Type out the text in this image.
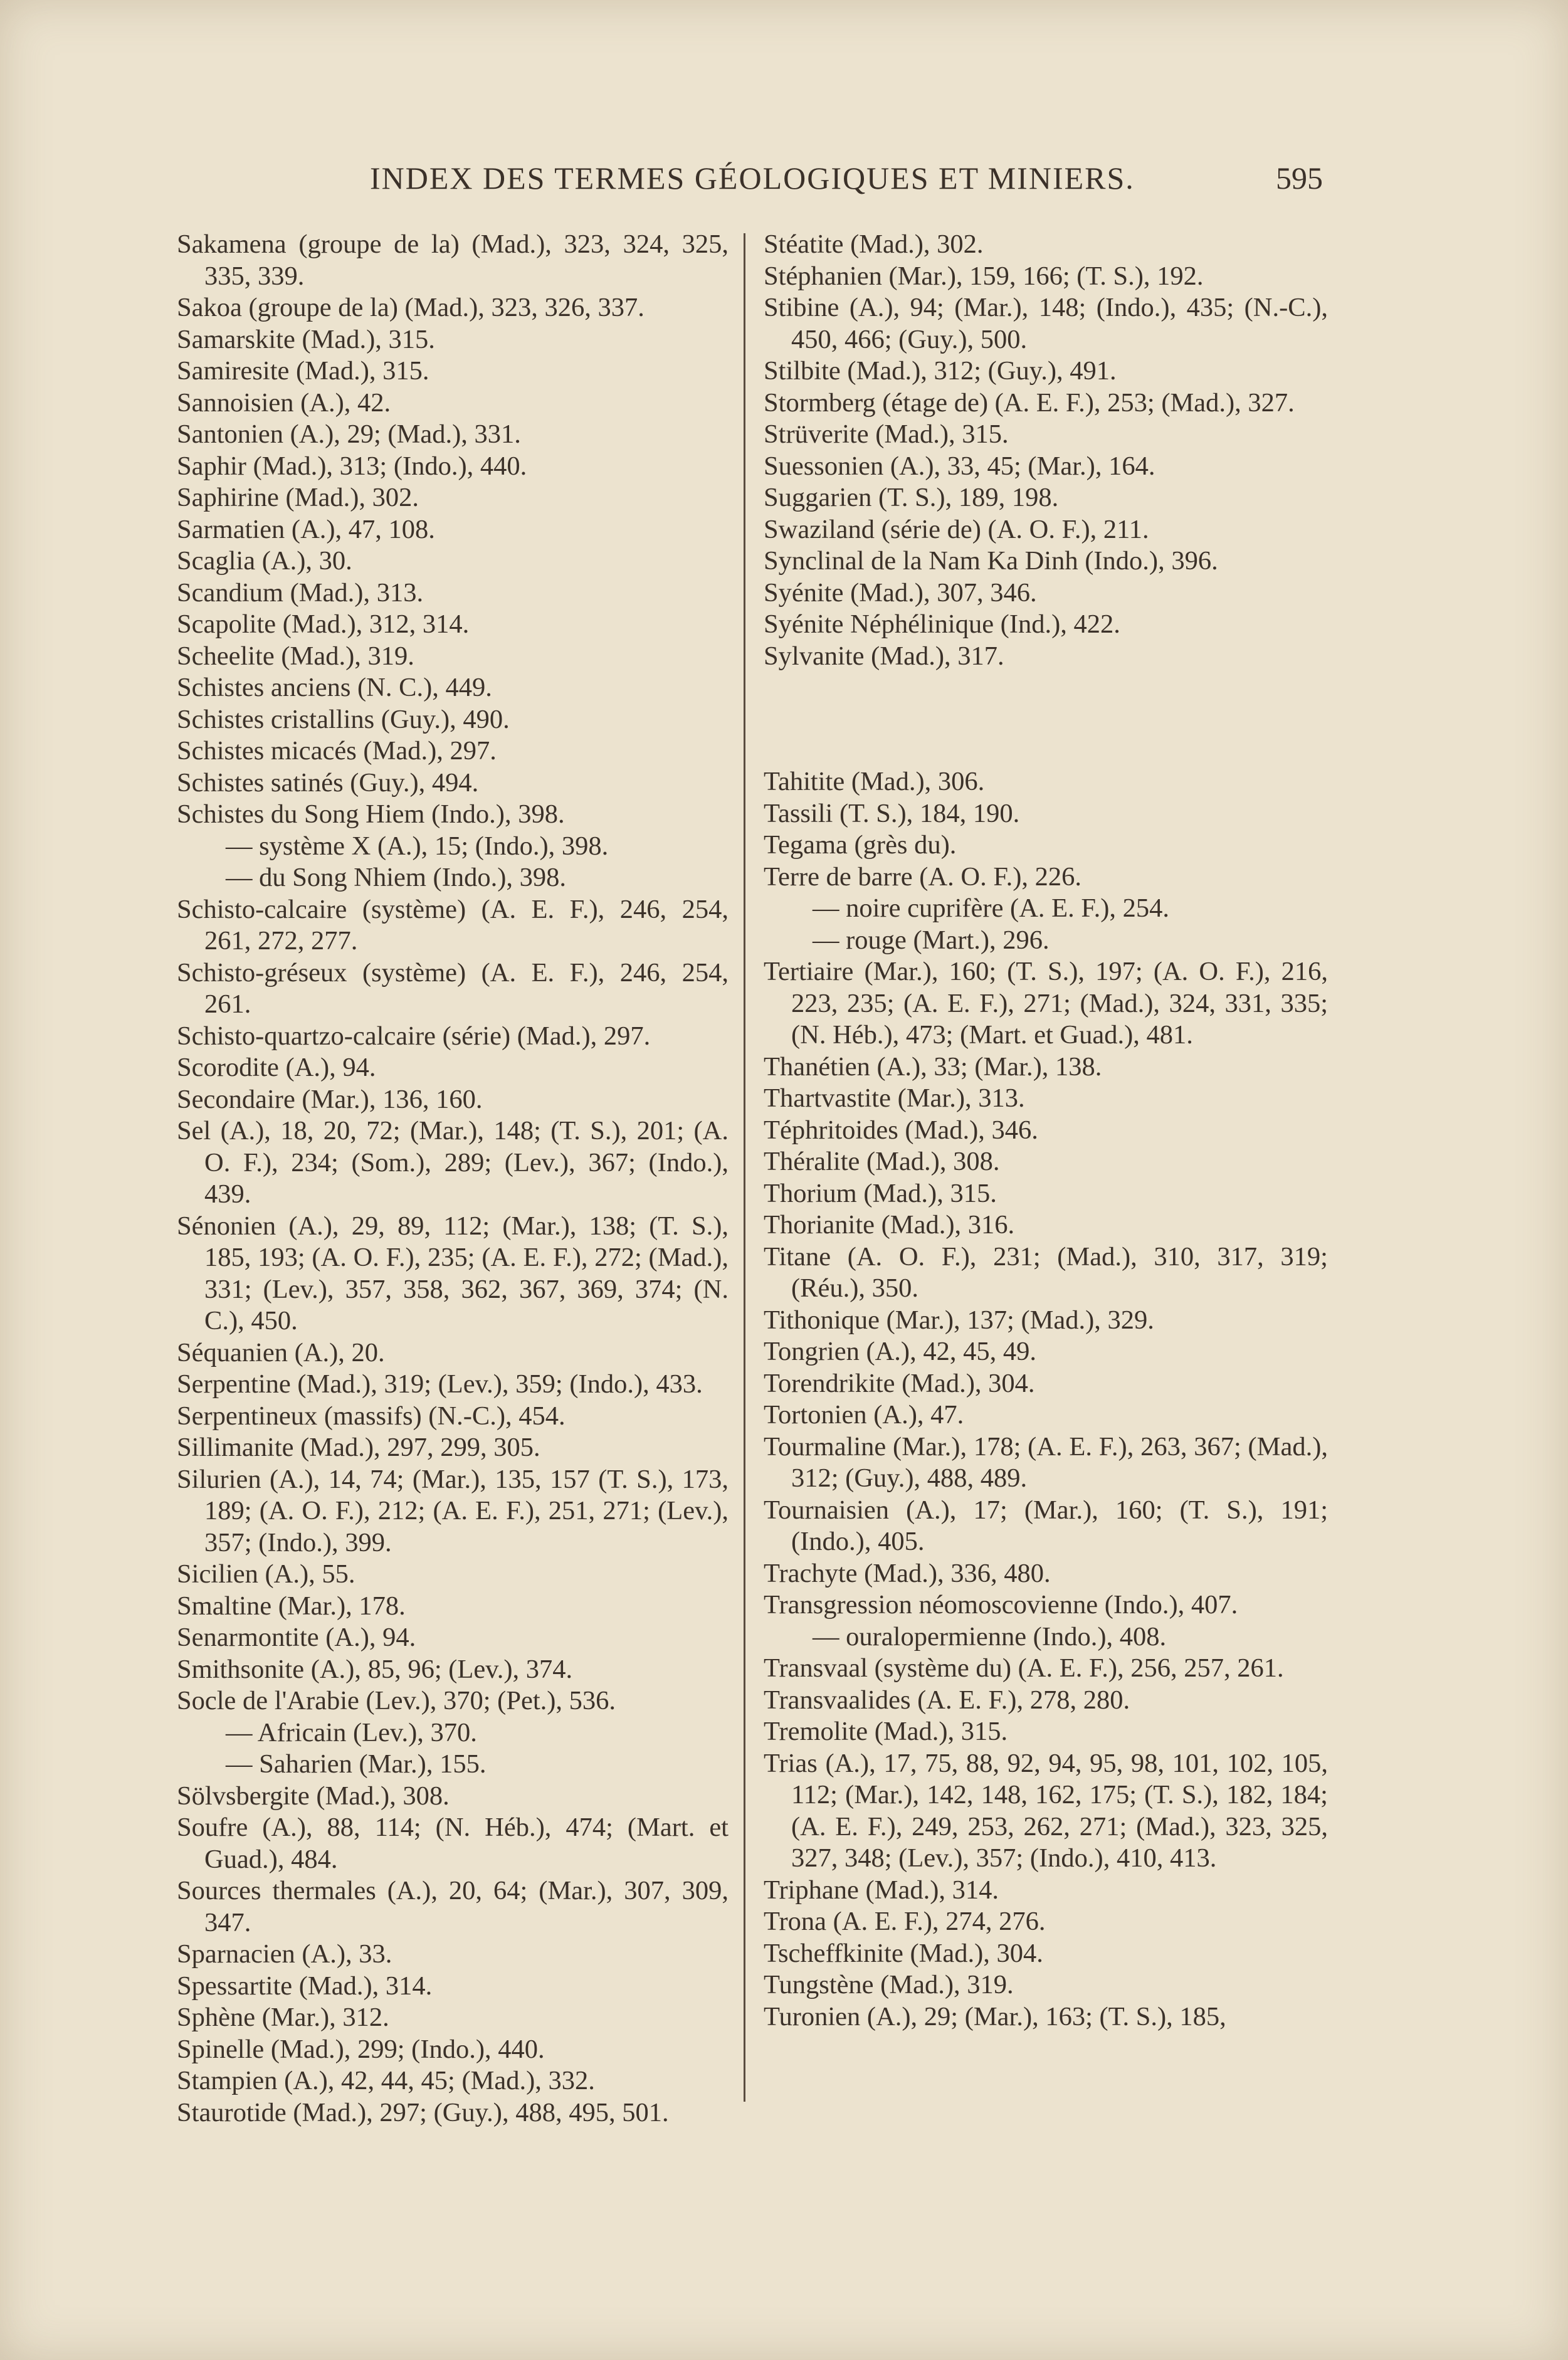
INDEX DES TERMES GÉOLOGIQUES ET MINIERS.	595
Sakamena (groupe de la) (Mad.), 323, 324, 325, 335, 339.
Sakoa (groupe de la) (Mad.), 323, 326, 337.
Samarskite (Mad.), 315.
Samiresite (Mad.), 315.
Sannoisien (A.), 42.
Santonien (A.), 29; (Mad.), 331.
Saphir (Mad.), 313; (Indo.), 440.
Saphirine (Mad.), 302.
Sarmatien (A.), 47, 108.
Scaglia (A.), 30.
Scandium (Mad.), 313.
Scapolite (Mad.), 312, 314.
Scheelite (Mad.), 319.
Schistes anciens (N. C.), 449.
Schistes cristallins (Guy.), 490.
Schistes micacés (Mad.), 297.
Schistes satinés (Guy.), 494.
Schistes du Song Hiem (Indo.), 398.
— système X (A.), 15; (Indo.), 398.
— du Song Nhiem (Indo.), 398.
Schisto-calcaire (système) (A. E. F.), 246, 254, 261, 272, 277.
Schisto-gréseux (système) (A. E. F.), 246, 254, 261.
Schisto-quartzo-calcaire (série) (Mad.), 297.
Scorodite (A.), 94.
Secondaire (Mar.), 136, 160.
Sel (A.), 18, 20, 72; (Mar.), 148; (T. S.), 201; (A. O. F.), 234; (Som.), 289; (Lev.), 367; (Indo.), 439.
Sénonien (A.), 29, 89, 112; (Mar.), 138; (T. S.), 185, 193; (A. O. F.), 235; (A. E. F.), 272; (Mad.), 331; (Lev.), 357, 358, 362, 367, 369, 374; (N. C.), 450.
Séquanien (A.), 20.
Serpentine (Mad.), 319; (Lev.), 359; (Indo.), 433.
Serpentineux (massifs) (N.-C.), 454.
Sillimanite (Mad.), 297, 299, 305.
Silurien (A.), 14, 74; (Mar.), 135, 157 (T. S.), 173, 189; (A. O. F.), 212; (A. E. F.), 251, 271; (Lev.), 357; (Indo.), 399.
Sicilien (A.), 55.
Smaltine (Mar.), 178.
Senarmontite (A.), 94.
Smithsonite (A.), 85, 96; (Lev.), 374.
Socle de l'Arabie (Lev.), 370; (Pet.), 536.
— Africain (Lev.), 370.
— Saharien (Mar.), 155.
Sölvsbergite (Mad.), 308.
Soufre (A.), 88, 114; (N. Héb.), 474; (Mart. et Guad.), 484.
Sources thermales (A.), 20, 64; (Mar.), 307, 309, 347.
Sparnacien (A.), 33.
Spessartite (Mad.), 314.
Sphène (Mar.), 312.
Spinelle (Mad.), 299; (Indo.), 440.
Stampien (A.), 42, 44, 45; (Mad.), 332.
Staurotide (Mad.), 297; (Guy.), 488, 495, 501.
Stéatite (Mad.), 302.
Stéphanien (Mar.), 159, 166; (T. S.), 192.
Stibine (A.), 94; (Mar.), 148; (Indo.), 435; (N.-C.), 450, 466; (Guy.), 500.
Stilbite (Mad.), 312; (Guy.), 491.
Stormberg (étage de) (A. E. F.), 253; (Mad.), 327.
Strüverite (Mad.), 315.
Suessonien (A.), 33, 45; (Mar.), 164.
Suggarien (T. S.), 189, 198.
Swaziland (série de) (A. O. F.), 211.
Synclinal de la Nam Ka Dinh (Indo.), 396.
Syénite (Mad.), 307, 346.
Syénite Néphélinique (Ind.), 422.
Sylvanite (Mad.), 317.
Tahitite (Mad.), 306.
Tassili (T. S.), 184, 190.
Tegama (grès du).
Terre de barre (A. O. F.), 226.
— noire cuprifère (A. E. F.), 254.
— rouge (Mart.), 296.
Tertiaire (Mar.), 160; (T. S.), 197; (A. O. F.), 216, 223, 235; (A. E. F.), 271; (Mad.), 324, 331, 335; (N. Héb.), 473; (Mart. et Guad.), 481.
Thanétien (A.), 33; (Mar.), 138.
Thartvastite (Mar.), 313.
Téphritoides (Mad.), 346.
Théralite (Mad.), 308.
Thorium (Mad.), 315.
Thorianite (Mad.), 316.
Titane (A. O. F.), 231; (Mad.), 310, 317, 319; (Réu.), 350.
Tithonique (Mar.), 137; (Mad.), 329.
Tongrien (A.), 42, 45, 49.
Torendrikite (Mad.), 304.
Tortonien (A.), 47.
Tourmaline (Mar.), 178; (A. E. F.), 263, 367; (Mad.), 312; (Guy.), 488, 489.
Tournaisien (A.), 17; (Mar.), 160; (T. S.), 191; (Indo.), 405.
Trachyte (Mad.), 336, 480.
Transgression néomoscovienne (Indo.), 407.
— ouralopermienne (Indo.), 408.
Transvaal (système du) (A. E. F.), 256, 257, 261.
Transvaalides (A. E. F.), 278, 280.
Tremolite (Mad.), 315.
Trias (A.), 17, 75, 88, 92, 94, 95, 98, 101, 102, 105, 112; (Mar.), 142, 148, 162, 175; (T. S.), 182, 184; (A. E. F.), 249, 253, 262, 271; (Mad.), 323, 325, 327, 348; (Lev.), 357; (Indo.), 410, 413.
Triphane (Mad.), 314.
Trona (A. E. F.), 274, 276.
Tscheffkinite (Mad.), 304.
Tungstène (Mad.), 319.
Turonien (A.), 29; (Mar.), 163; (T. S.), 185,
